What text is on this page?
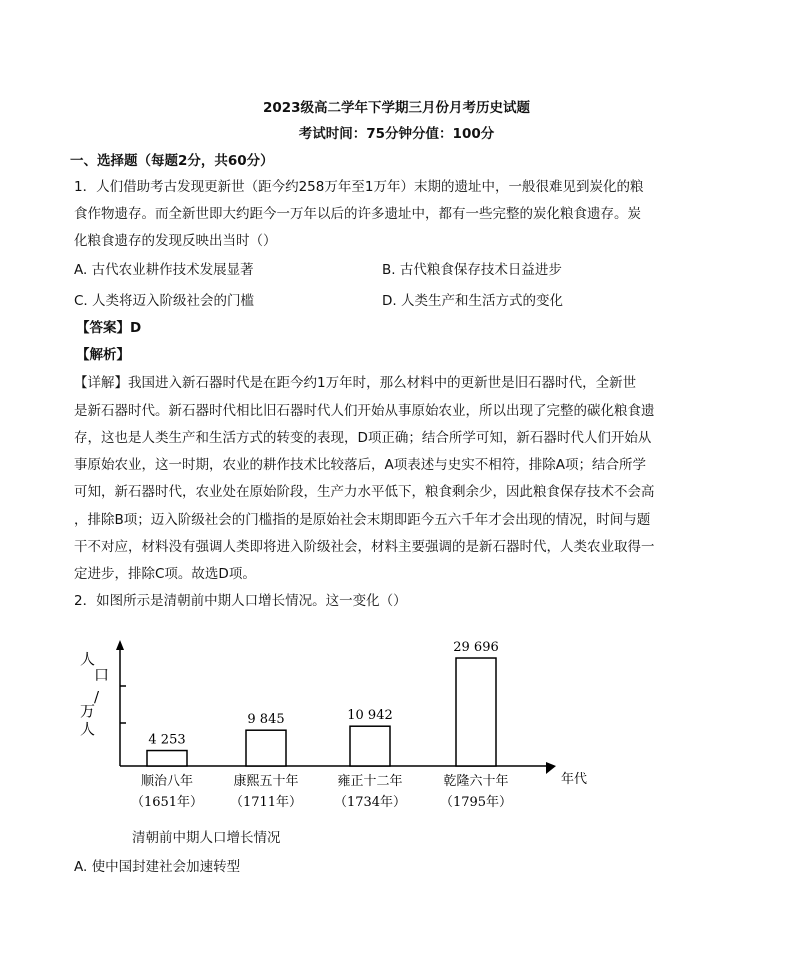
2023级高二学年下学期三月份月考历史试题
考试时间：75分钟分值：100分
一、选择题（每题2分，共60分）
1．人们借助考古发现更新世（距今约258万年至1万年）末期的遗址中，一般很难见到炭化的粮
食作物遗存。而全新世即大约距今一万年以后的许多遗址中，都有一些完整的炭化粮食遗存。炭
化粮食遗存的发现反映出当时（）
A. 古代农业耕作技术发展显著	B. 古代粮食保存技术日益进步
C. 人类将迈入阶级社会的门槛	D. 人类生产和生活方式的变化
【答案】D
【解析】
【详解】我国进入新石器时代是在距今约1万年时，那么材料中的更新世是旧石器时代，全新世
是新石器时代。新石器时代相比旧石器时代人们开始从事原始农业，所以出现了完整的碳化粮食遗
存，这也是人类生产和生活方式的转变的表现，D项正确；结合所学可知，新石器时代人们开始从
事原始农业，这一时期，农业的耕作技术比较落后，A项表述与史实不相符，排除A项；结合所学
可知，新石器时代，农业处在原始阶段，生产力水平低下，粮食剩余少，因此粮食保存技术不会高
，排除B项；迈入阶级社会的门槛指的是原始社会末期即距今五六千年才会出现的情况，时间与题
干不对应，材料没有强调人类即将进入阶级社会，材料主要强调的是新石器时代，人类农业取得一
定进步，排除C项。故选D项。
2．如图所示是清朝前中期人口增长情况。这一变化（）
人
口
/
万
人
4 253
顺治八年
（1651年）
9 845
康熙五十年
（1711年）
10 942
雍正十二年
（1734年）
29 696
乾隆六十年
（1795年）
年代
清朝前中期人口增长情况
A. 使中国封建社会加速转型
